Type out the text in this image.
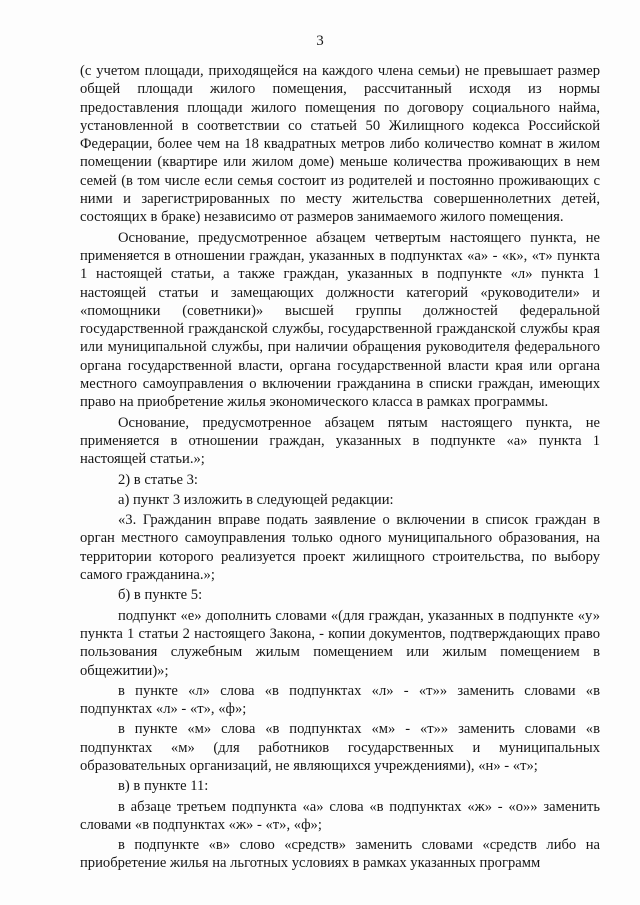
3

(с учетом площади, приходящейся на каждого члена семьи) не превышает размер общей площади жилого помещения, рассчитанный исходя из нормы предоставления площади жилого помещения по договору социального найма, установленной в соответствии со статьей 50 Жилищного кодекса Российской Федерации, более чем на 18 квадратных метров либо количество комнат в жилом помещении (квартире или жилом доме) меньше количества проживающих в нем семей (в том числе если семья состоит из родителей и постоянно проживающих с ними и зарегистрированных по месту жительства совершеннолетних детей, состоящих в браке) независимо от размеров занимаемого жилого помещения.

Основание, предусмотренное абзацем четвертым настоящего пункта, не применяется в отношении граждан, указанных в подпунктах «а» - «к», «т» пункта 1 настоящей статьи, а также граждан, указанных в подпункте «л» пункта 1 настоящей статьи и замещающих должности категорий «руководители» и «помощники (советники)» высшей группы должностей федеральной государственной гражданской службы, государственной гражданской службы края или муниципальной службы, при наличии обращения руководителя федерального органа государственной власти, органа государственной власти края или органа местного самоуправления о включении гражданина в списки граждан, имеющих право на приобретение жилья экономического класса в рамках программы.

Основание, предусмотренное абзацем пятым настоящего пункта, не применяется в отношении граждан, указанных в подпункте «а» пункта 1 настоящей статьи.»;

2) в статье 3:

а) пункт 3 изложить в следующей редакции:

«3. Гражданин вправе подать заявление о включении в список граждан в орган местного самоуправления только одного муниципального образования, на территории которого реализуется проект жилищного строительства, по выбору самого гражданина.»;

б) в пункте 5:

подпункт «е» дополнить словами «(для граждан, указанных в подпункте «у» пункта 1 статьи 2 настоящего Закона, - копии документов, подтверждающих право пользования служебным жилым помещением или жилым помещением в общежитии)»;

в пункте «л» слова «в подпунктах «л» - «т»» заменить словами «в подпунктах «л» - «т», «ф»;

в пункте «м» слова «в подпунктах «м» - «т»» заменить словами «в подпунктах «м» (для работников государственных и муниципальных образовательных организаций, не являющихся учреждениями), «н» - «т»;

в) в пункте 11:

в абзаце третьем подпункта «а» слова «в подпунктах «ж» - «о»» заменить словами «в подпунктах «ж» - «т», «ф»;

в подпункте «в» слово «средств» заменить словами «средств либо на приобретение жилья на льготных условиях в рамках указанных программ
